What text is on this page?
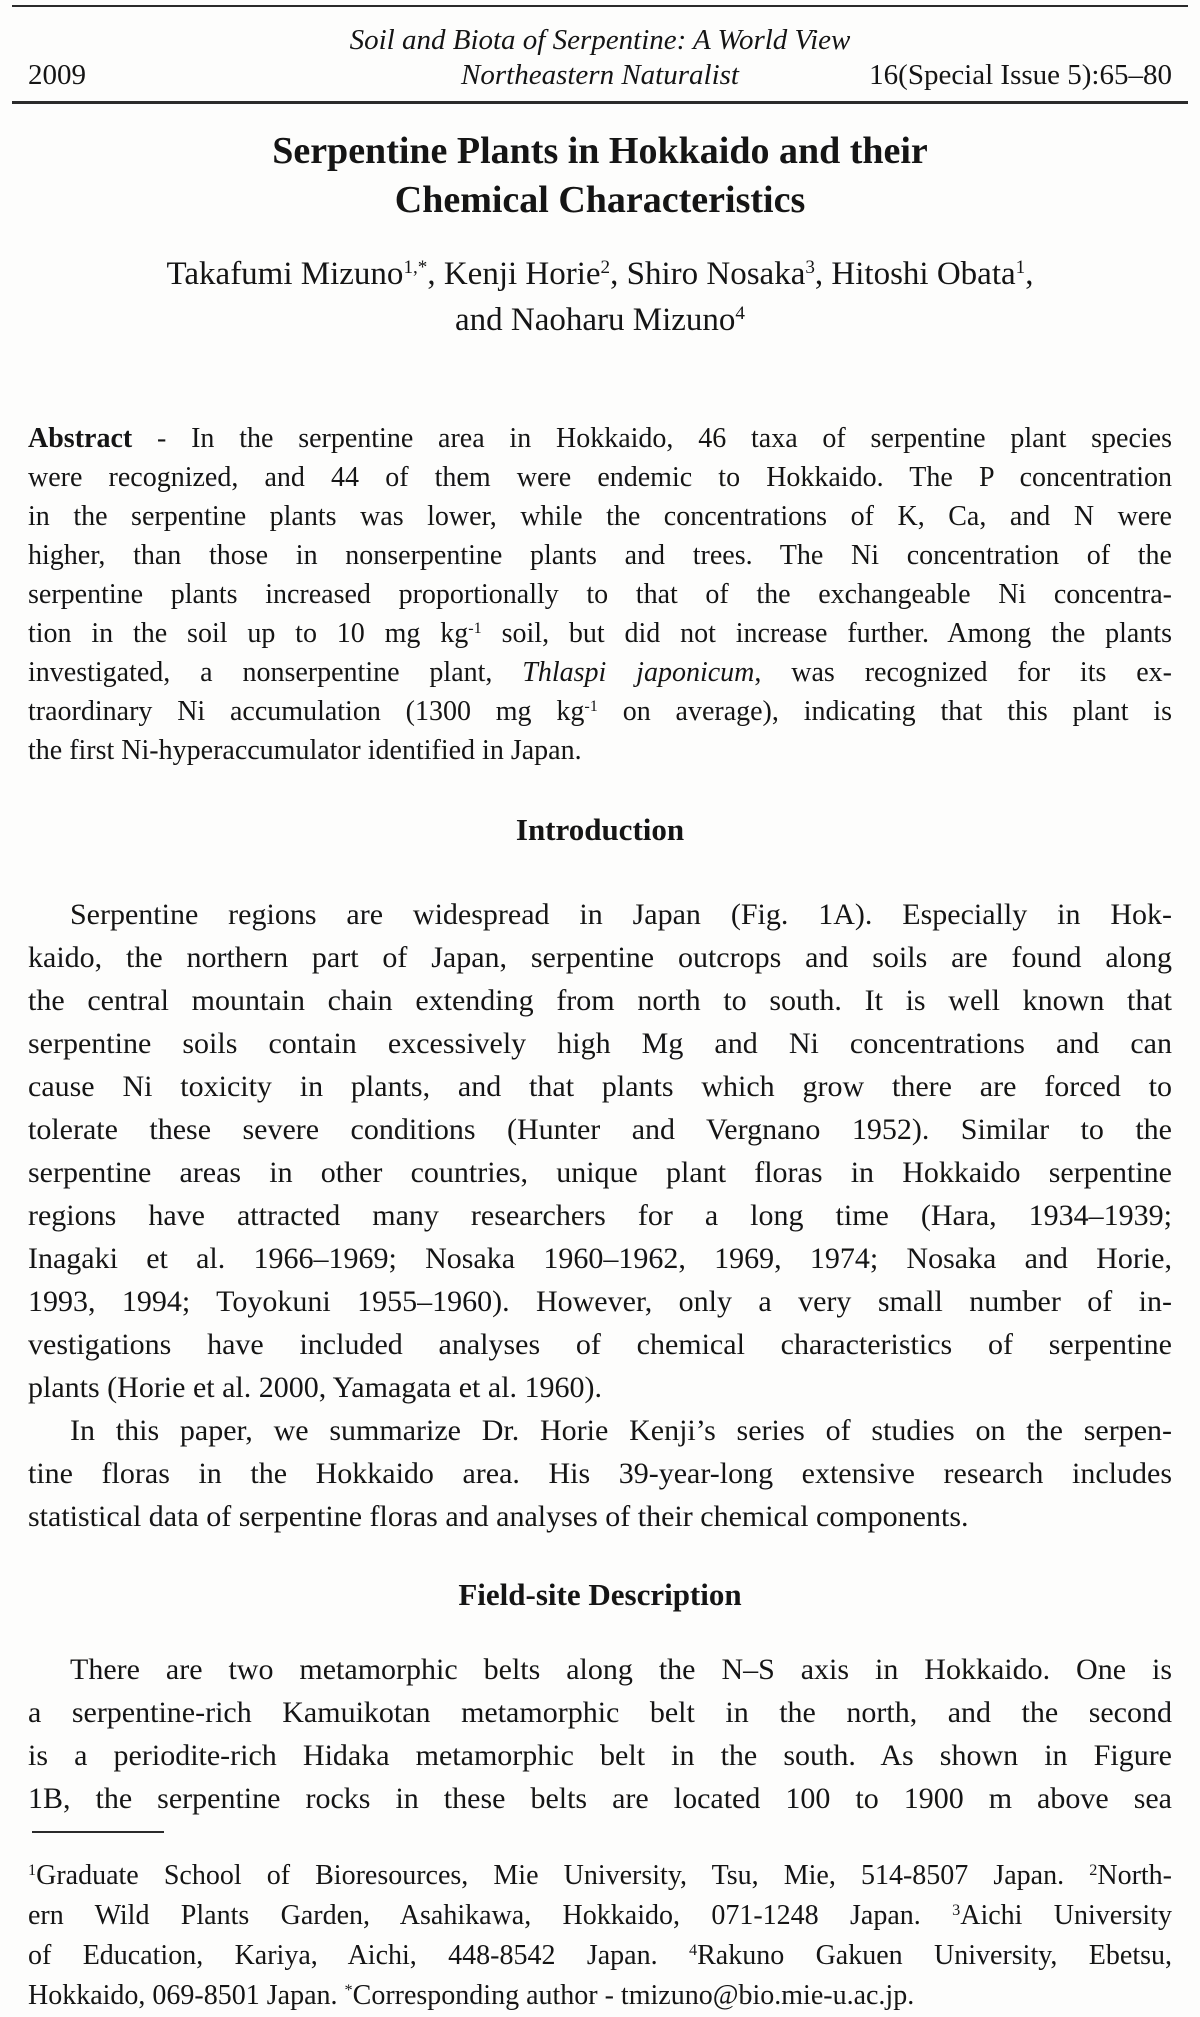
Soil and Biota of Serpentine: A World View
2009	Northeastern Naturalist	16(Special Issue 5):65–80
Serpentine Plants in Hokkaido and their
Chemical Characteristics
Takafumi Mizuno$^{1,*}$, Kenji Horie$^2$, Shiro Nosaka$^3$, Hitoshi Obata$^1$,
and Naoharu Mizuno$^4$
Abstract - In the serpentine area in Hokkaido, 46 taxa of serpentine plant species
were recognized, and 44 of them were endemic to Hokkaido. The P concentration
in the serpentine plants was lower, while the concentrations of K, Ca, and N were
higher, than those in nonserpentine plants and trees. The Ni concentration of the
serpentine plants increased proportionally to that of the exchangeable Ni concentra-
tion in the soil up to 10 mg $kg^{-1}$ soil, but did not increase further. Among the plants
investigated, a nonserpentine plant, Thlaspi japonicum, was recognized for its ex-
traordinary Ni accumulation (1300 mg $kg^{-1}$ on average), indicating that this plant is
the first Ni-hyperaccumulator identified in Japan.
Introduction
Serpentine regions are widespread in Japan (Fig. 1A). Especially in Hok-
kaido, the northern part of Japan, serpentine outcrops and soils are found along
the central mountain chain extending from north to south. It is well known that
serpentine soils contain excessively high Mg and Ni concentrations and can
cause Ni toxicity in plants, and that plants which grow there are forced to
tolerate these severe conditions (Hunter and Vergnano 1952). Similar to the
serpentine areas in other countries, unique plant floras in Hokkaido serpentine
regions have attracted many researchers for a long time (Hara, 1934–1939;
Inagaki et al. 1966–1969; Nosaka 1960–1962, 1969, 1974; Nosaka and Horie,
1993, 1994; Toyokuni 1955–1960). However, only a very small number of in-
vestigations have included analyses of chemical characteristics of serpentine
plants (Horie et al. 2000, Yamagata et al. 1960).
In this paper, we summarize Dr. Horie Kenji’s series of studies on the serpen-
tine floras in the Hokkaido area. His 39-year-long extensive research includes
statistical data of serpentine floras and analyses of their chemical components.
Field-site Description
There are two metamorphic belts along the N–S axis in Hokkaido. One is
a serpentine-rich Kamuikotan metamorphic belt in the north, and the second
is a periodite-rich Hidaka metamorphic belt in the south. As shown in Figure
1B, the serpentine rocks in these belts are located 100 to 1900 m above sea
$^1$Graduate School of Bioresources, Mie University, Tsu, Mie, 514-8507 Japan. $^2$North-
ern Wild Plants Garden, Asahikawa, Hokkaido, 071-1248 Japan. $^3$Aichi University
of Education, Kariya, Aichi, 448-8542 Japan. $^4$Rakuno Gakuen University, Ebetsu,
Hokkaido, 069-8501 Japan. *Corresponding author - tmizuno@bio.mie-u.ac.jp.
